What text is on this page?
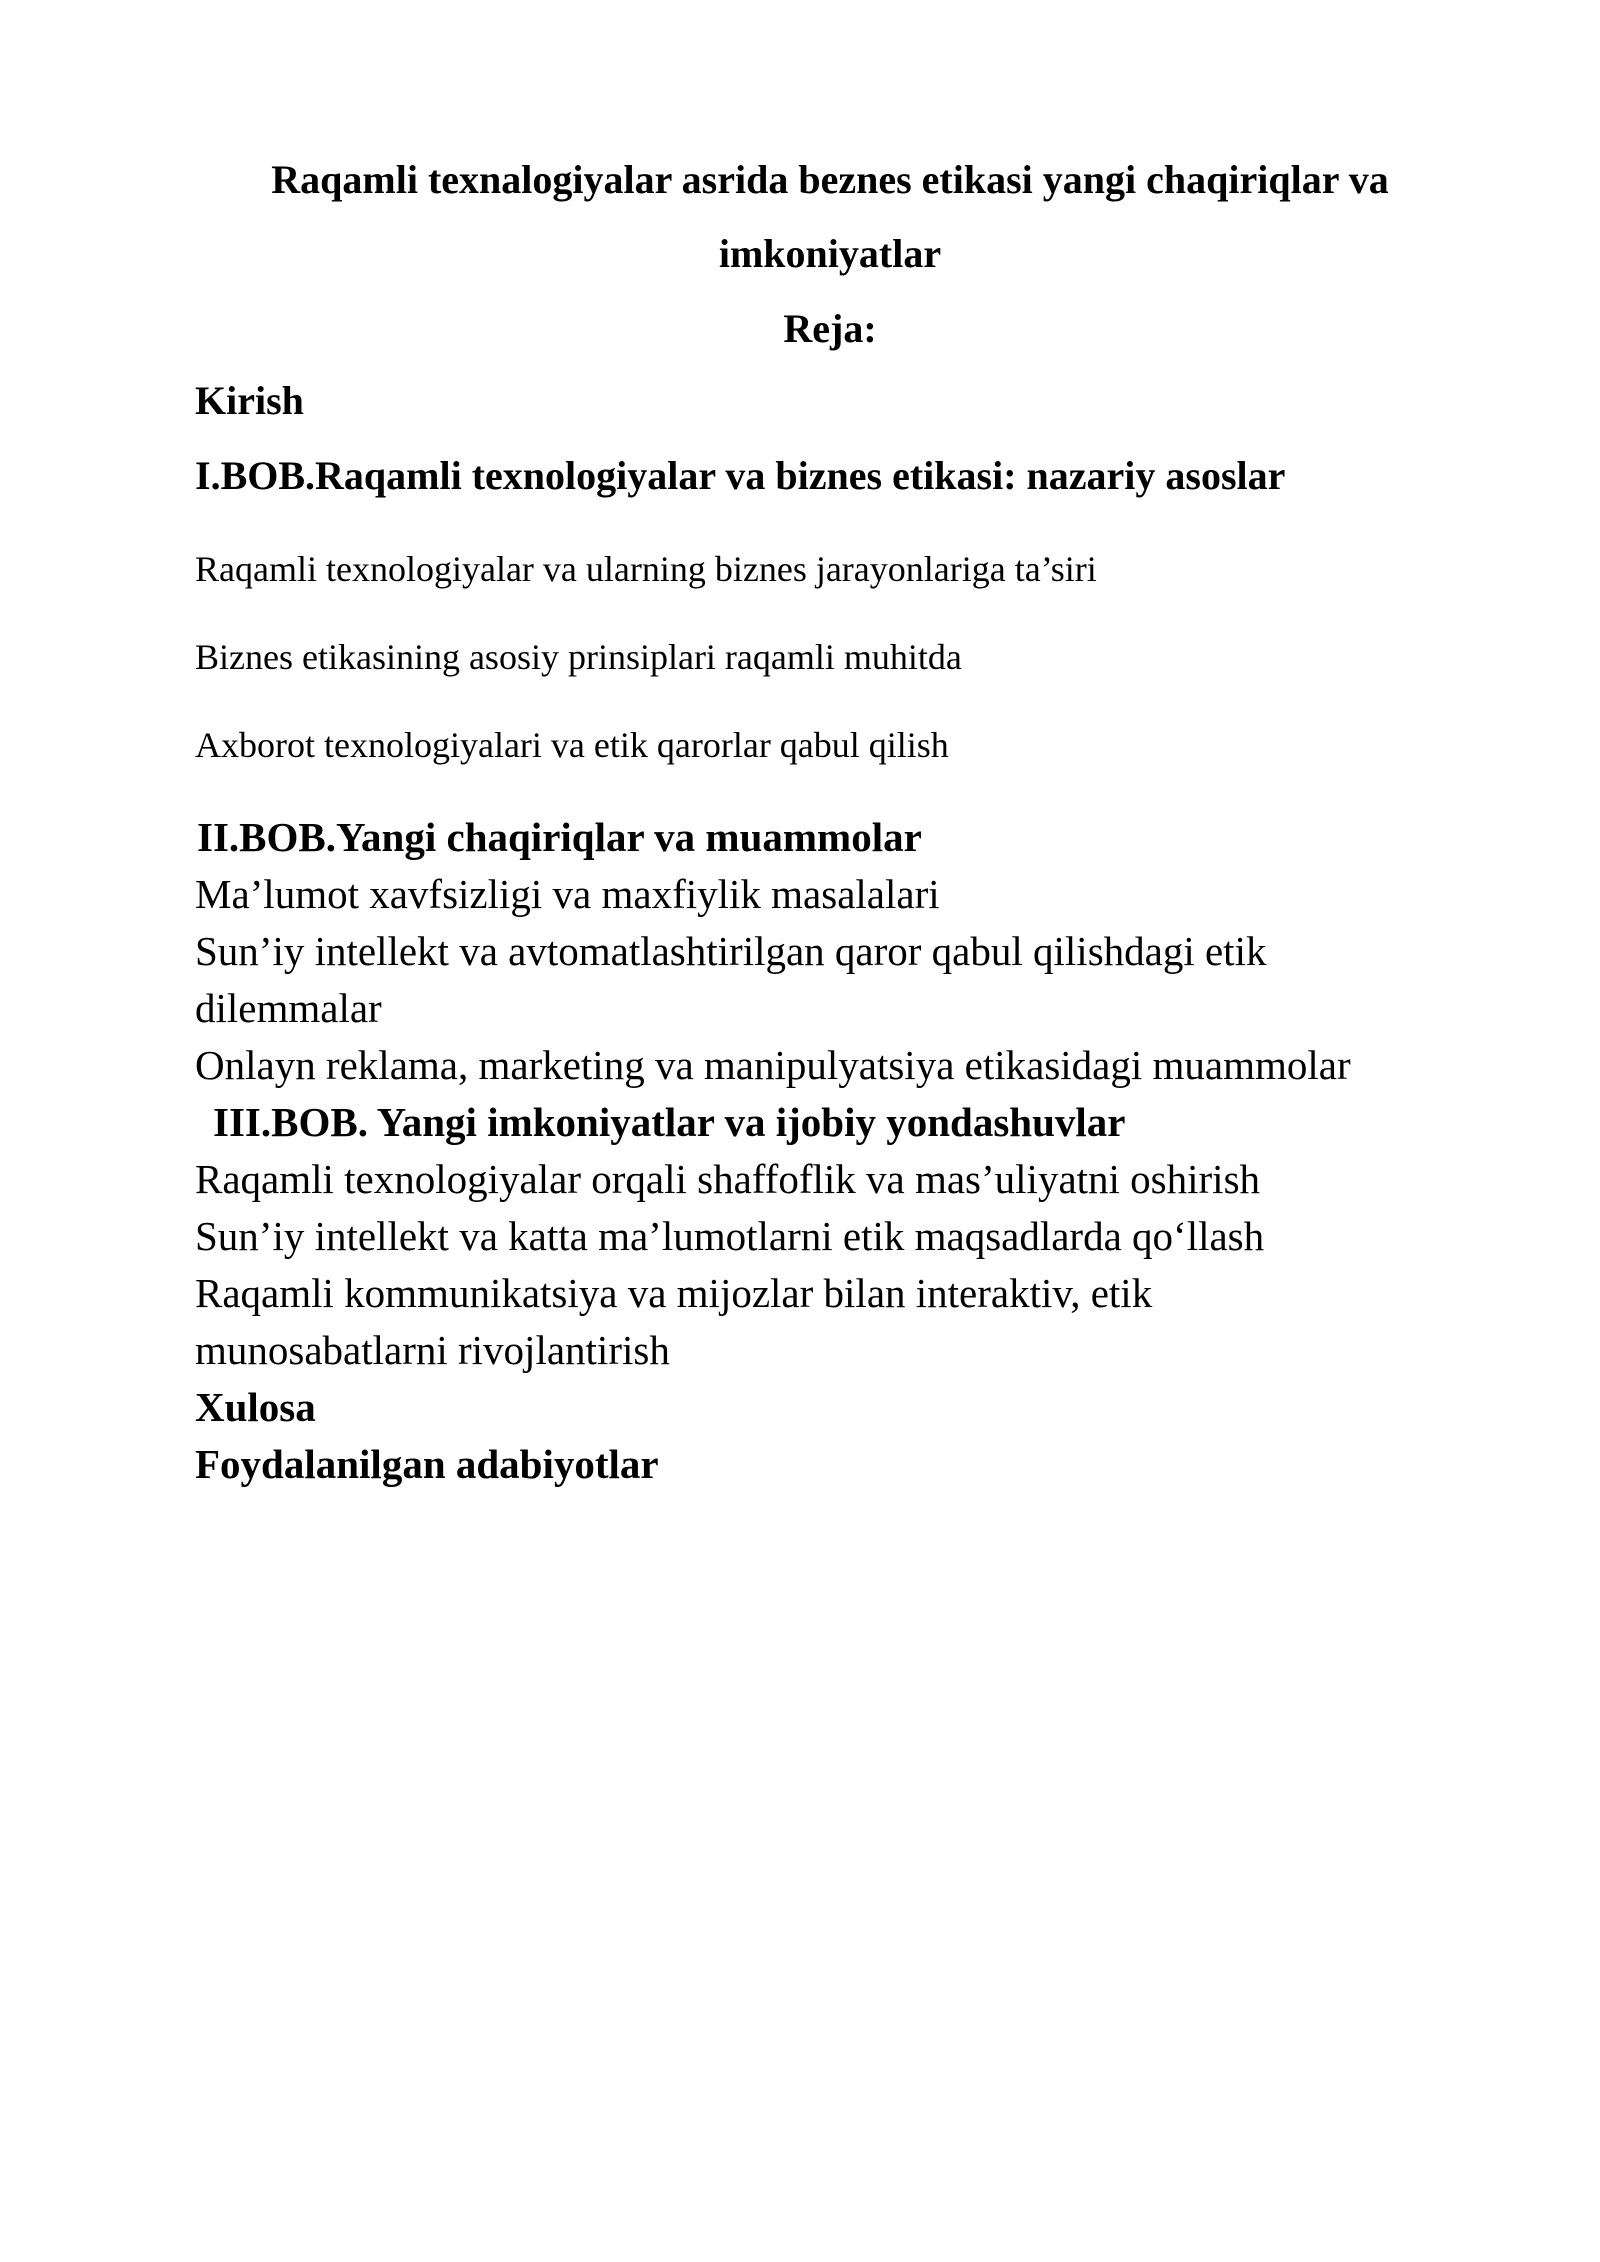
Raqamli texnalogiyalar asrida beznes etikasi yangi chaqiriqlar va

imkoniyatlar

Reja:

Kirish

I.BOB.Raqamli texnologiyalar va biznes etikasi: nazariy asoslar

Raqamli texnologiyalar va ularning biznes jarayonlariga ta’siri

Biznes etikasining asosiy prinsiplari raqamli muhitda

Axborot texnologiyalari va etik qarorlar qabul qilish

II.BOB.Yangi chaqiriqlar va muammolar

Ma’lumot xavfsizligi va maxfiylik masalalari

Sun’iy intellekt va avtomatlashtirilgan qaror qabul qilishdagi etik

dilemmalar

Onlayn reklama, marketing va manipulyatsiya etikasidagi muammolar

III.BOB. Yangi imkoniyatlar va ijobiy yondashuvlar

Raqamli texnologiyalar orqali shaffoflik va mas’uliyatni oshirish

Sun’iy intellekt va katta ma’lumotlarni etik maqsadlarda qo‘llash

Raqamli kommunikatsiya va mijozlar bilan interaktiv, etik

munosabatlarni rivojlantirish

Xulosa

Foydalanilgan adabiyotlar
